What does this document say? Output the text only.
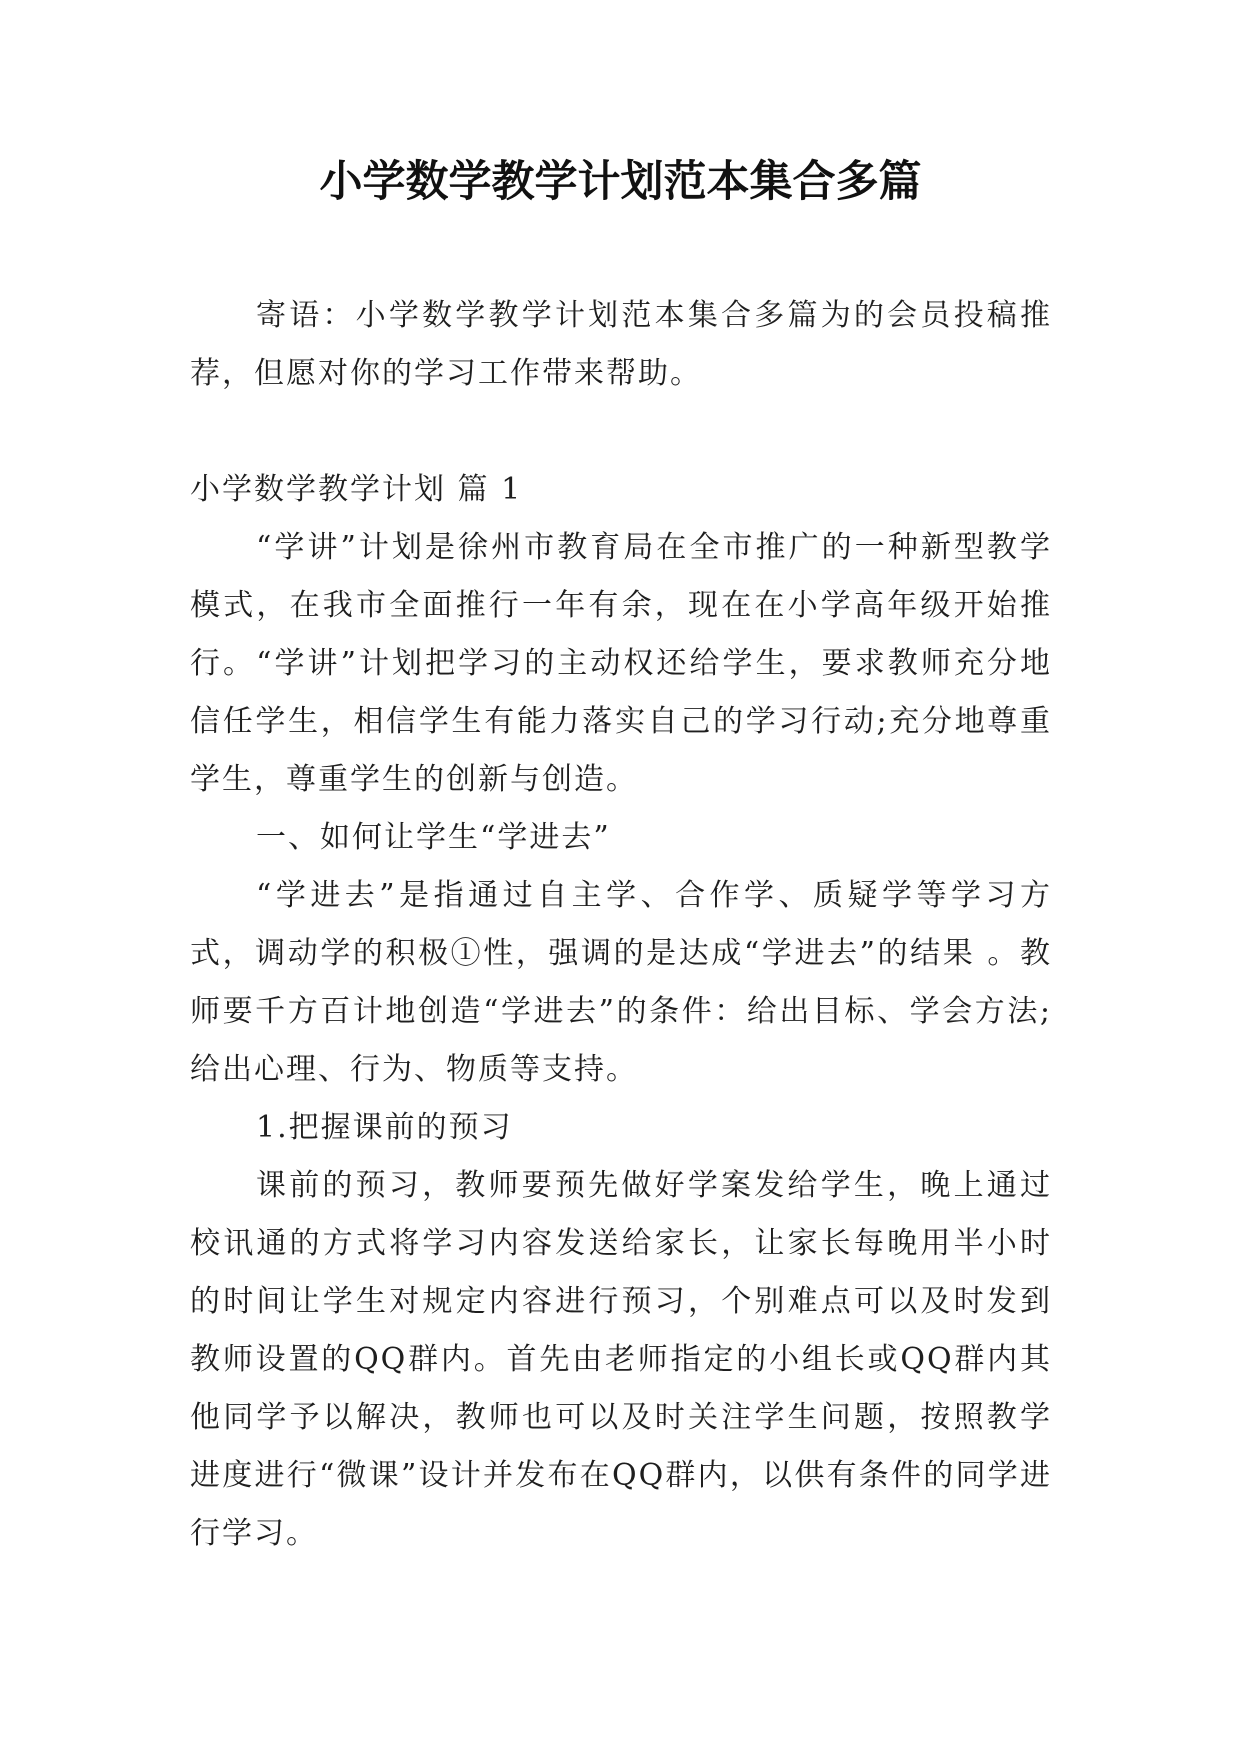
小学数学教学计划范本集合多篇

寄语：小学数学教学计划范本集合多篇为的会员投稿推荐，但愿对你的学习工作带来帮助。

小学数学教学计划 篇 1

“学讲”计划是徐州市教育局在全市推广的一种新型教学模式，在我市全面推行一年有余，现在在小学高年级开始推行。“学讲”计划把学习的主动权还给学生，要求教师充分地信任学生，相信学生有能力落实自己的学习行动;充分地尊重学生，尊重学生的创新与创造。

一、如何让学生“学进去”

“学进去”是指通过自主学、合作学、质疑学等学习方式，调动学的积极①性，强调的是达成“学进去”的结果 。教师要千方百计地创造“学进去”的条件：给出目标、学会方法;给出心理、行为、物质等支持。

1.把握课前的预习

课前的预习，教师要预先做好学案发给学生，晚上通过校讯通的方式将学习内容发送给家长，让家长每晚用半小时的时间让学生对规定内容进行预习，个别难点可以及时发到教师设置的QQ群内。首先由老师指定的小组长或QQ群内其他同学予以解决，教师也可以及时关注学生问题，按照教学进度进行“微课”设计并发布在QQ群内，以供有条件的同学进行学习。
